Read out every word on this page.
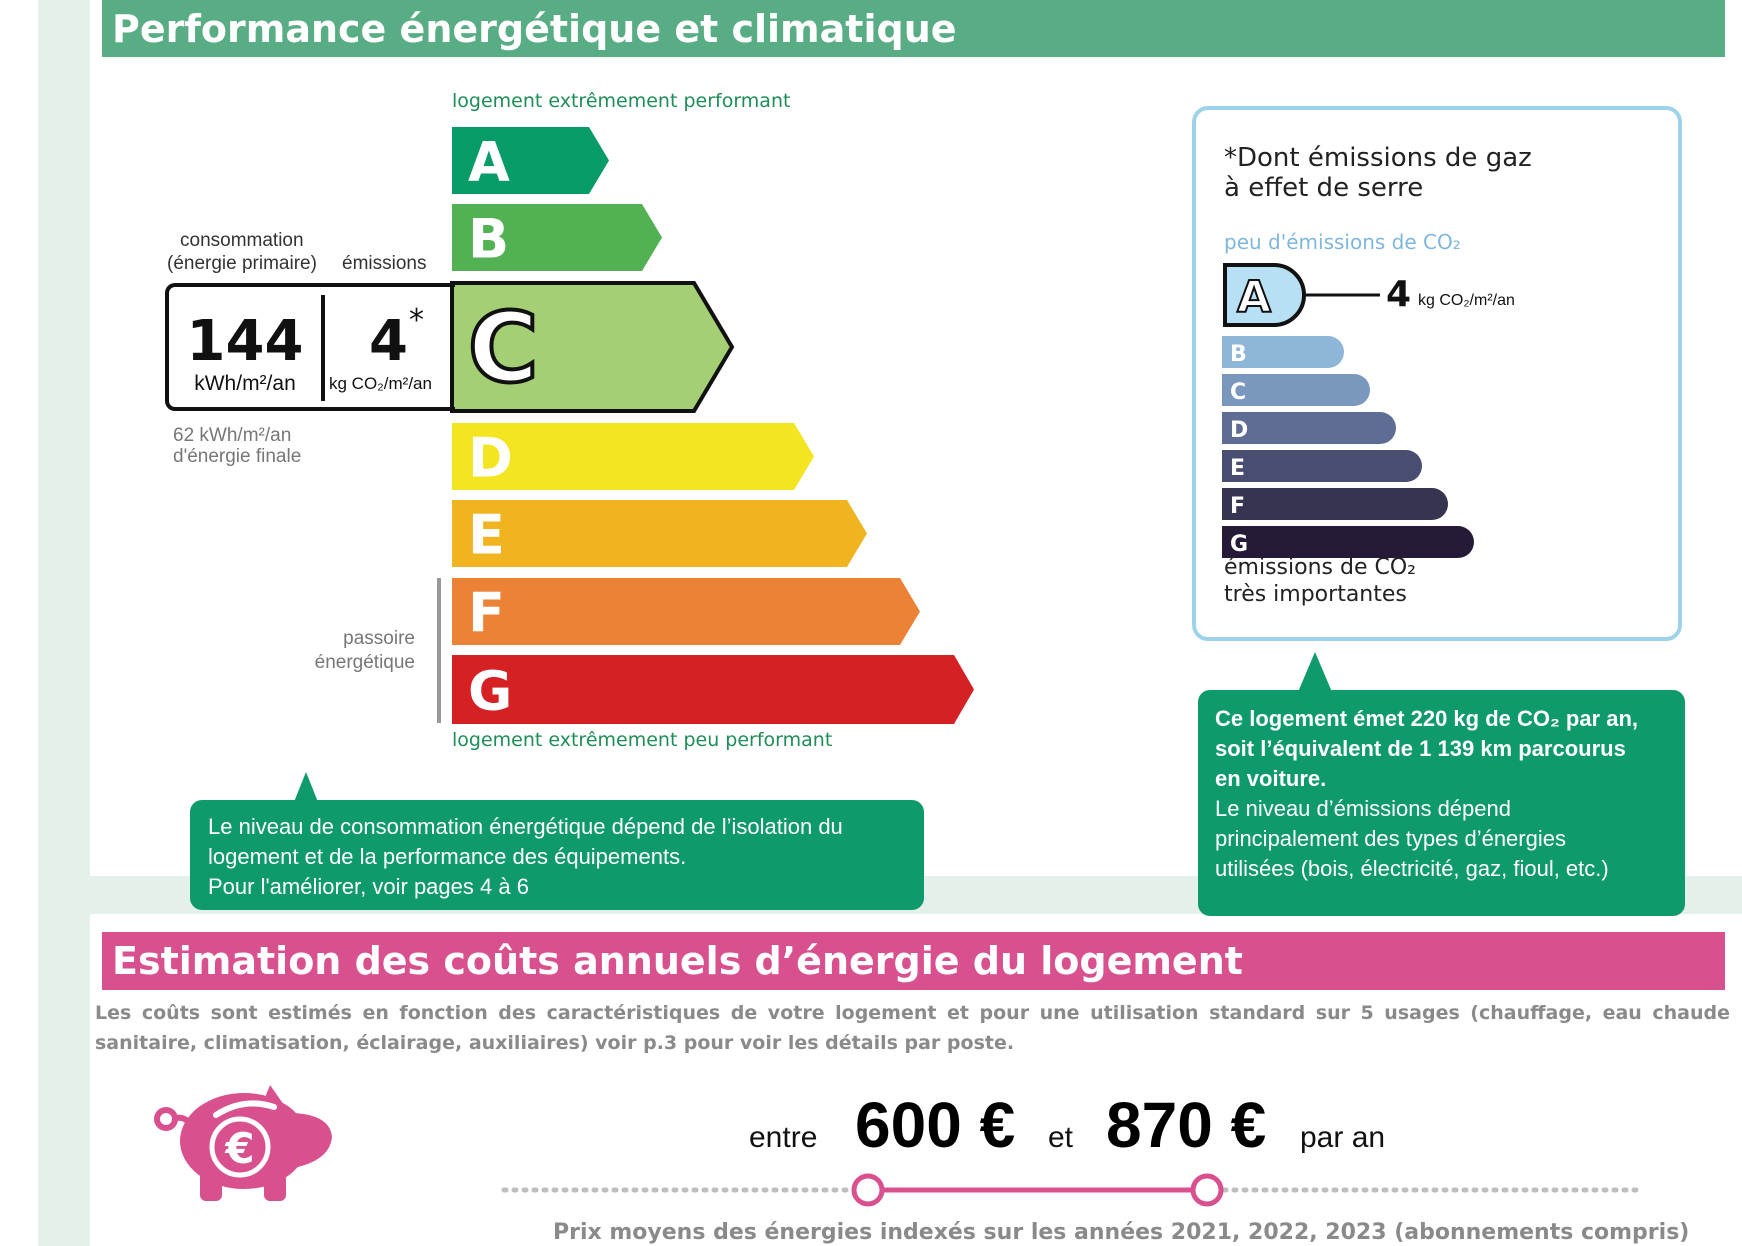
Performance énergétique et climatique
logement extrêmement performant
logement extrêmement peu performant
A
B
C
D
E
F
G
consommation
(énergie primaire) émissions
144
kWh/m²/an
4 *
kg CO₂/m²/an
62 kWh/m²/an
d'énergie finale
passoire
énergétique

Le niveau de consommation énergétique dépend de l’isolation du

logement et de la performance des équipements.

Pour l'améliorer, voir pages 4 à 6

*Dont émissions de gaz
à effet de serre
peu d'émissions de CO₂
A
B
C
D
E
F
G
4 kg CO₂/m²/an
émissions de CO₂
très importantes

Ce logement émet 220 kg de CO₂ par an,

soit l’équivalent de 1 139 km parcourus

en voiture.

Le niveau d’émissions dépend

principalement des types d’énergies

utilisées (bois, électricité, gaz, fioul, etc.)

Estimation des coûts annuels d’énergie du logement
Les coûts sont estimés en fonction des caractéristiques de votre logement et pour une utilisation standard sur 5 usages (chauffage, eau chaude sanitaire, climatisation, éclairage, auxiliaires) voir p.3 pour voir les détails par poste.
€	entre 600 € et 870 € par an
Prix moyens des énergies indexés sur les années 2021, 2022, 2023 (abonnements compris)
